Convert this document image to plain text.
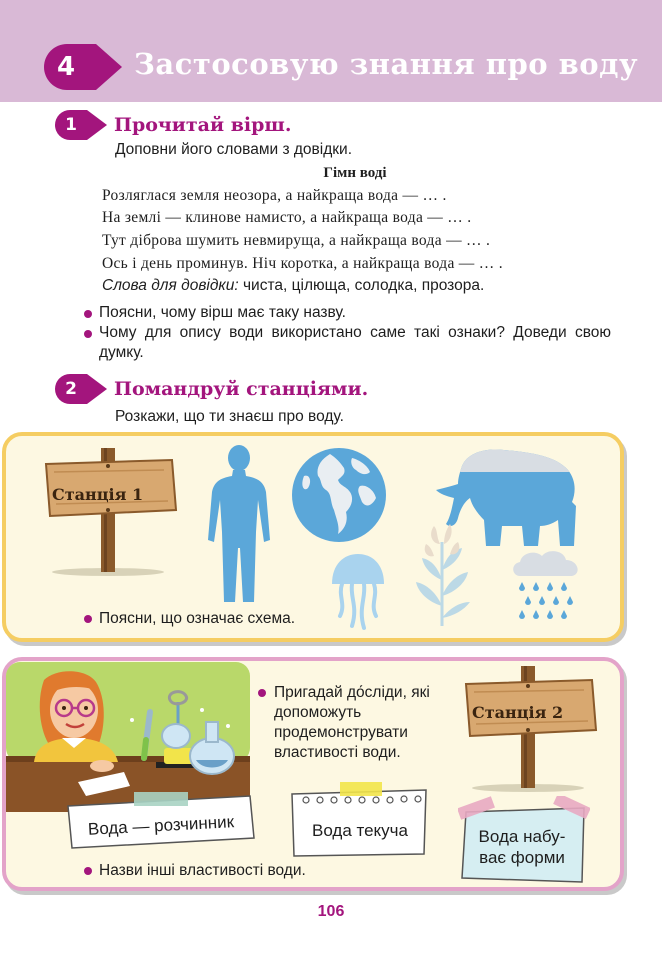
4	Застосовую знання про воду
1	Прочитай вірш.
Доповни його словами з довідки.
Гімн воді
Розляглася земля неозора, а найкраща вода — … .
На землі — клинове намисто, а найкраща вода — … .
Тут діброва шумить невмируща, а найкраща вода — … .
Ось і день проминув. Ніч коротка, а найкраща вода — … .
Слова для довідки: чиста, цілюща, солодка, прозора.
Поясни, чому вірш має таку назву.
Чому для опису води використано саме такі ознаки? Доведи свою думку.
2	Помандруй станціями.
Розкажи, що ти знаєш про воду.
Станція 1
Поясни, що означає схема.
Пригадай до́сліди, які допоможуть продемонструвати властивості води.
Станція 2
Вода — розчинник	Вода текуча	Вода набу-
ває форми
Назви інші властивості води.
106
